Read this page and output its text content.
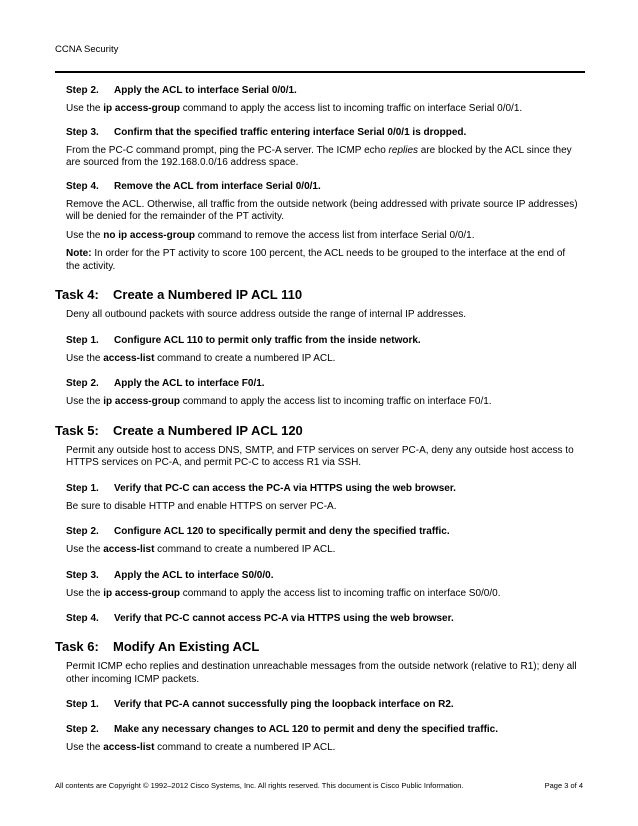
CCNA Security
Step 2. Apply the ACL to interface Serial 0/0/1.
Use the ip access-group command to apply the access list to incoming traffic on interface Serial 0/0/1.
Step 3. Confirm that the specified traffic entering interface Serial 0/0/1 is dropped.
From the PC-C command prompt, ping the PC-A server. The ICMP echo replies are blocked by the ACL since they are sourced from the 192.168.0.0/16 address space.
Step 4. Remove the ACL from interface Serial 0/0/1.
Remove the ACL. Otherwise, all traffic from the outside network (being addressed with private source IP addresses) will be denied for the remainder of the PT activity.
Use the no ip access-group command to remove the access list from interface Serial 0/0/1.
Note: In order for the PT activity to score 100 percent, the ACL needs to be grouped to the interface at the end of the activity.
Task 4: Create a Numbered IP ACL 110
Deny all outbound packets with source address outside the range of internal IP addresses.
Step 1. Configure ACL 110 to permit only traffic from the inside network.
Use the access-list command to create a numbered IP ACL.
Step 2. Apply the ACL to interface F0/1.
Use the ip access-group command to apply the access list to incoming traffic on interface F0/1.
Task 5: Create a Numbered IP ACL 120
Permit any outside host to access DNS, SMTP, and FTP services on server PC-A, deny any outside host access to HTTPS services on PC-A, and permit PC-C to access R1 via SSH.
Step 1. Verify that PC-C can access the PC-A via HTTPS using the web browser.
Be sure to disable HTTP and enable HTTPS on server PC-A.
Step 2. Configure ACL 120 to specifically permit and deny the specified traffic.
Use the access-list command to create a numbered IP ACL.
Step 3. Apply the ACL to interface S0/0/0.
Use the ip access-group command to apply the access list to incoming traffic on interface S0/0/0.
Step 4. Verify that PC-C cannot access PC-A via HTTPS using the web browser.
Task 6: Modify An Existing ACL
Permit ICMP echo replies and destination unreachable messages from the outside network (relative to R1); deny all other incoming ICMP packets.
Step 1. Verify that PC-A cannot successfully ping the loopback interface on R2.
Step 2. Make any necessary changes to ACL 120 to permit and deny the specified traffic.
Use the access-list command to create a numbered IP ACL.
All contents are Copyright © 1992–2012 Cisco Systems, Inc. All rights reserved. This document is Cisco Public Information.	Page 3 of 4
